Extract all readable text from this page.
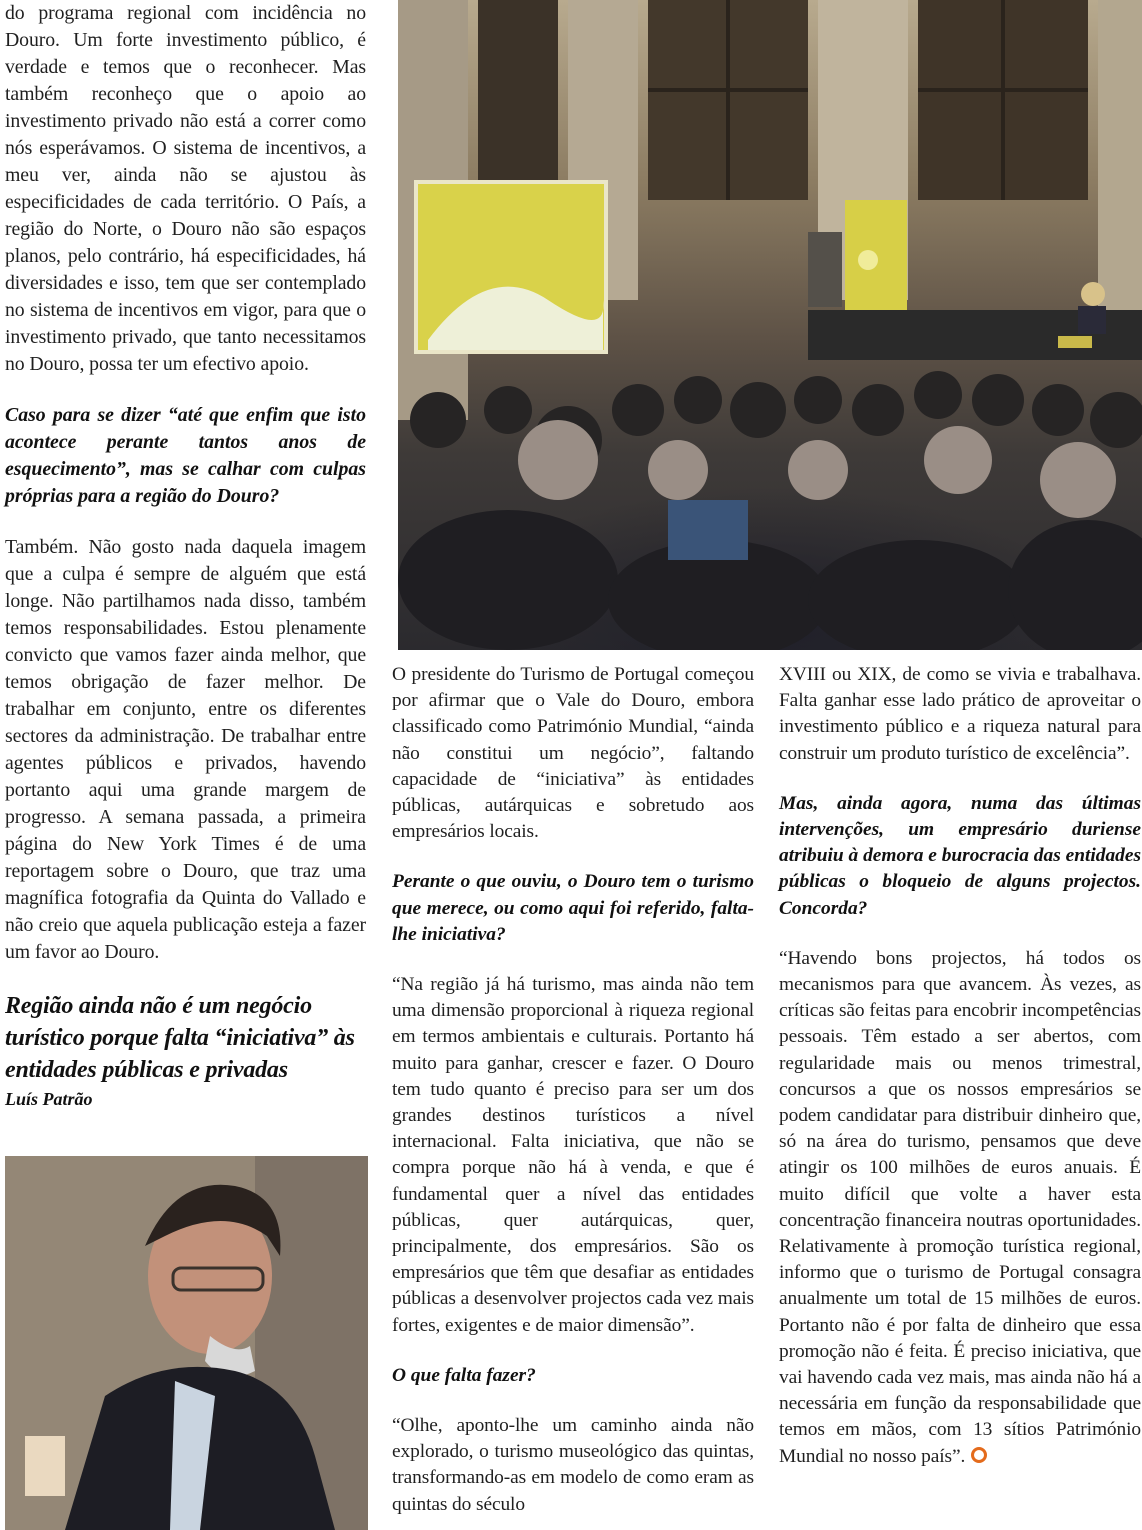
do programa regional com incidência no Douro. Um forte investimento público, é verdade e temos que o reconhecer. Mas também reconheço que o apoio ao investimento privado não está a correr como nós esperávamos. O sistema de incentivos, a meu ver, ainda não se ajustou às especificidades de cada território. O País, a região do Norte, o Douro não são espaços planos, pelo contrário, há especificidades, há diversidades e isso, tem que ser contemplado no sistema de incentivos em vigor, para que o investimento privado, que tanto necessitamos no Douro, possa ter um efectivo apoio.

Caso para se dizer “até que enfim que isto acontece perante tantos anos de esquecimento”, mas se calhar com culpas próprias para a região do Douro?

Também. Não gosto nada daquela imagem que a culpa é sempre de alguém que está longe. Não partilhamos nada disso, também temos responsabilidades. Estou plenamente convicto que vamos fazer ainda melhor, que temos obrigação de fazer melhor. De trabalhar em conjunto, entre os diferentes sectores da administração. De trabalhar entre agentes públicos e privados, havendo portanto aqui uma grande margem de progresso. A semana passada, a primeira página do New York Times é de uma reportagem sobre o Douro, que traz uma magnífica fotografia da Quinta do Vallado e não creio que aquela publicação esteja a fazer um favor ao Douro.

Região ainda não é um negócio turístico porque falta “iniciativa” às entidades públicas e privadas

Luís Patrão

O presidente do Turismo de Portugal começou por afirmar que o Vale do Douro, embora classificado como Património Mundial, “ainda não constitui um negócio”, faltando capacidade de “iniciativa” às entidades públicas, autárquicas e sobretudo aos empresários locais.

Perante o que ouviu, o Douro tem o turismo que merece, ou como aqui foi referido, falta-lhe iniciativa?

“Na região já há turismo, mas ainda não tem uma dimensão proporcional à riqueza regional em termos ambientais e culturais. Portanto há muito para ganhar, crescer e fazer. O Douro tem tudo quanto é preciso para ser um dos grandes destinos turísticos a nível internacional. Falta iniciativa, que não se compra porque não há à venda, e que é fundamental quer a nível das entidades públicas, quer autárquicas, quer, principalmente, dos empresários. São os empresários que têm que desafiar as entidades públicas a desenvolver projectos cada vez mais fortes, exigentes e de maior dimensão”.

O que falta fazer?

“Olhe, apontо-lhe um caminho ainda não explorado, o turismo museológico das quintas, transformando-as em modelo de como eram as quintas do século

XVIII ou XIX, de como se vivia e trabalhava. Falta ganhar esse lado prático de aproveitar o investimento público e a riqueza natural para construir um produto turístico de excelência”.

Mas, ainda agora, numa das últimas intervenções, um empresário duriense atribuiu à demora e burocracia das entidades públicas o bloqueio de alguns projectos. Concorda?

“Havendo bons projectos, há todos os mecanismos para que avancem. Às vezes, as críticas são feitas para encobrir incompetências pessoais. Têm estado a ser abertos, com regularidade mais ou menos trimestral, concursos a que os nossos empresários se podem candidatar para distribuir dinheiro que, só na área do turismo, pensamos que deve atingir os 100 milhões de euros anuais. É muito difícil que volte a haver esta concentração financeira noutras oportunidades. Relativamente à promoção turística regional, informo que o turismo de Portugal consagra anualmente um total de 15 milhões de euros. Portanto não é por falta de dinheiro que essa promoção não é feita. É preciso iniciativa, que vai havendo cada vez mais, mas ainda não há a necessária em função da responsabilidade que temos em mãos, com 13 sítios Património Mundial no nosso país”.
